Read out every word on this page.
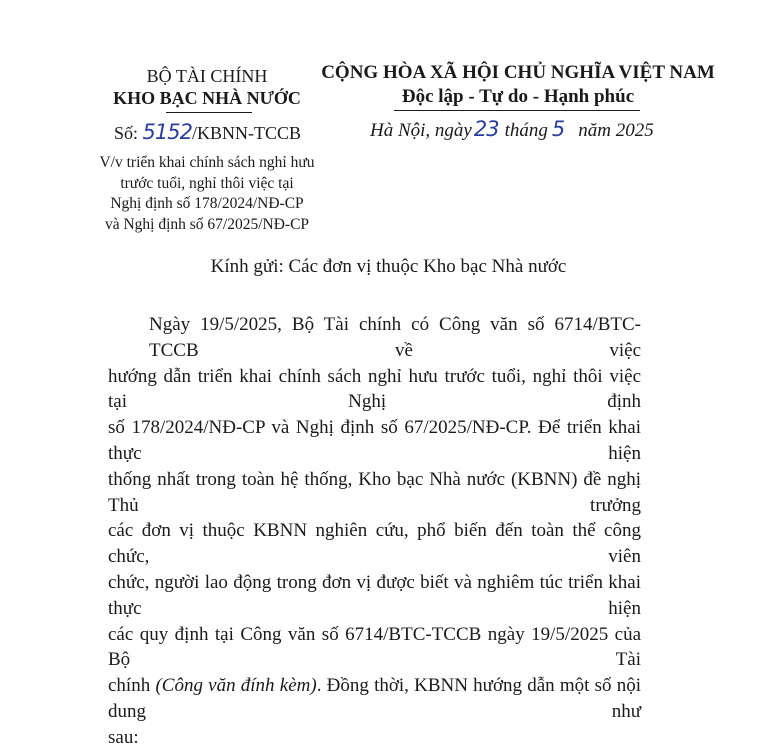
BỘ TÀI CHÍNH
KHO BẠC NHÀ NƯỚC
Số: 5152/KBNN-TCCB
V/v triển khai chính sách nghỉ hưu
trước tuổi, nghỉ thôi việc tại
Nghị định số 178/2024/NĐ-CP
và Nghị định số 67/2025/NĐ-CP
CỘNG HÒA XÃ HỘI CHỦ NGHĨA VIỆT NAM
Độc lập - Tự do - Hạnh phúc
Hà Nội, ngày23 tháng 5 năm 2025
Kính gửi: Các đơn vị thuộc Kho bạc Nhà nước
Ngày 19/5/2025, Bộ Tài chính có Công văn số 6714/BTC-TCCB về việc
hướng dẫn triển khai chính sách nghỉ hưu trước tuổi, nghỉ thôi việc tại Nghị định
số 178/2024/NĐ-CP và Nghị định số 67/2025/NĐ-CP. Để triển khai thực hiện
thống nhất trong toàn hệ thống, Kho bạc Nhà nước (KBNN) đề nghị Thủ trưởng
các đơn vị thuộc KBNN nghiên cứu, phổ biến đến toàn thể công chức, viên
chức, người lao động trong đơn vị được biết và nghiêm túc triển khai thực hiện
các quy định tại Công văn số 6714/BTC-TCCB ngày 19/5/2025 của Bộ Tài
chính (Công văn đính kèm). Đồng thời, KBNN hướng dẫn một số nội dung như
sau:
